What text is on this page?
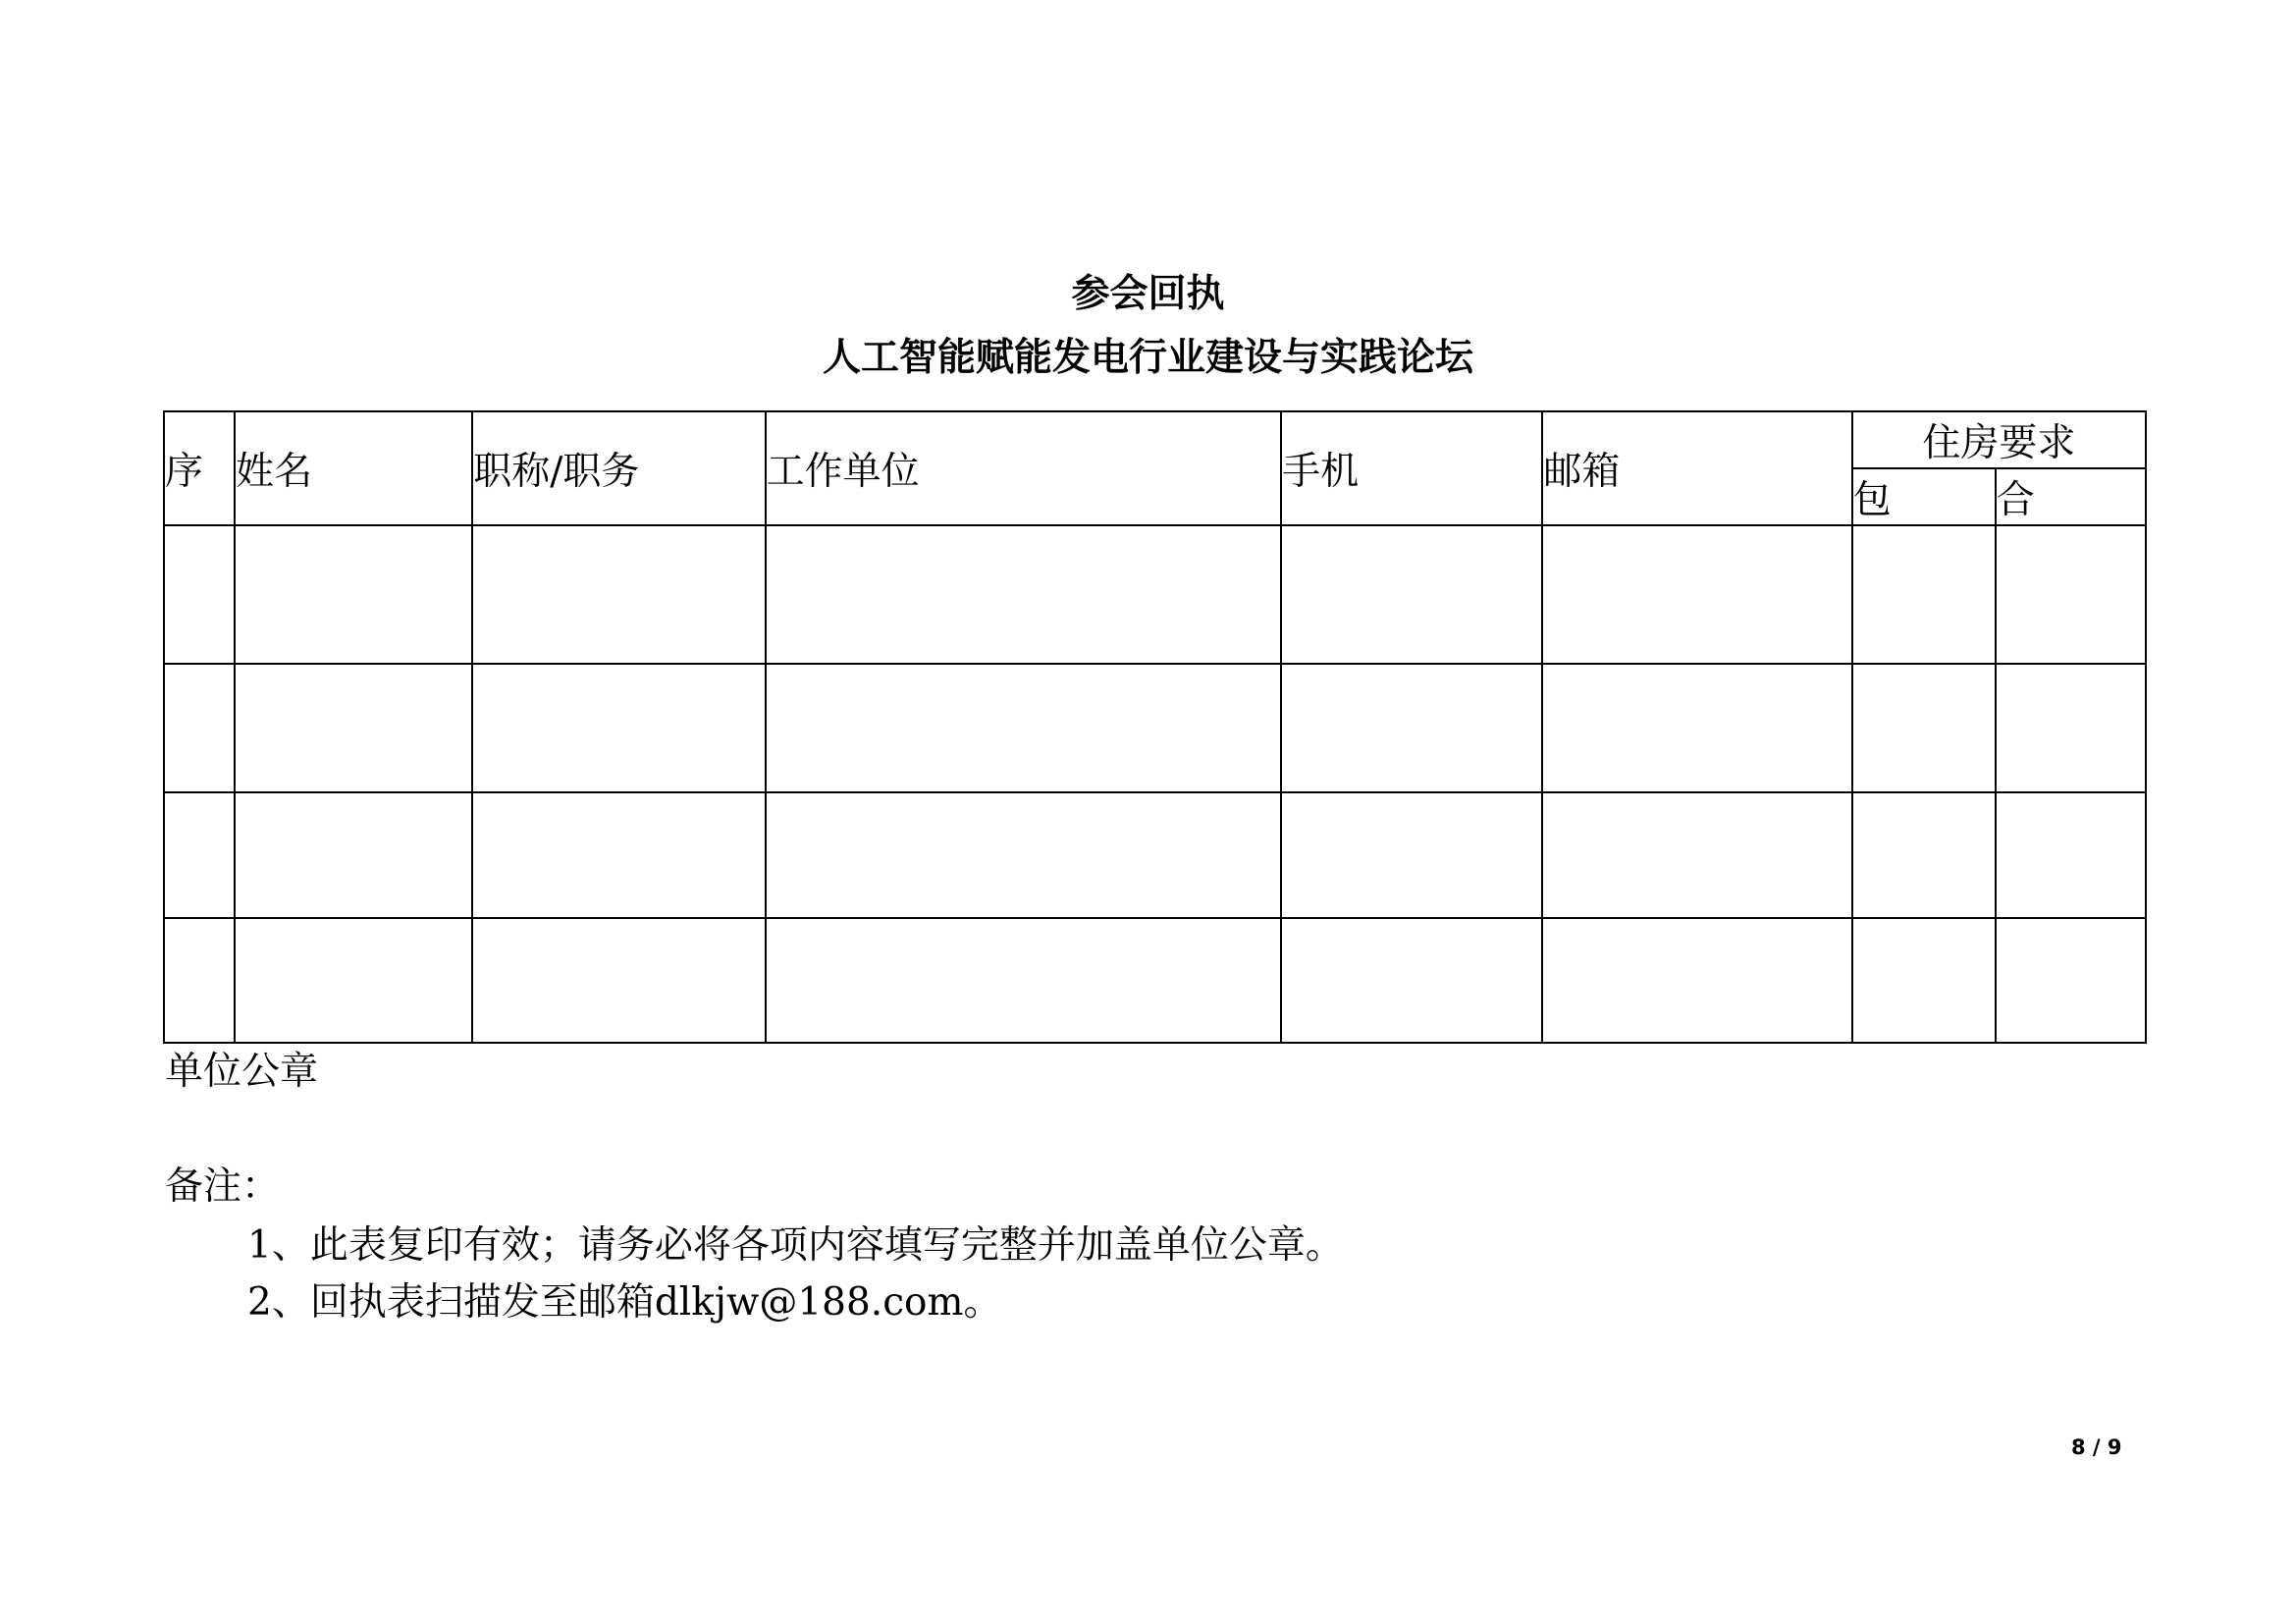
参会回执
人工智能赋能发电行业建设与实践论坛
序	姓名	职称/职务	工作单位	手机	邮箱	住房要求	
						包	合

单位公章
备注：
1、此表复印有效；请务必将各项内容填写完整并加盖单位公章。
2、回执表扫描发至邮箱dlkjw@188.com。
8 / 9
